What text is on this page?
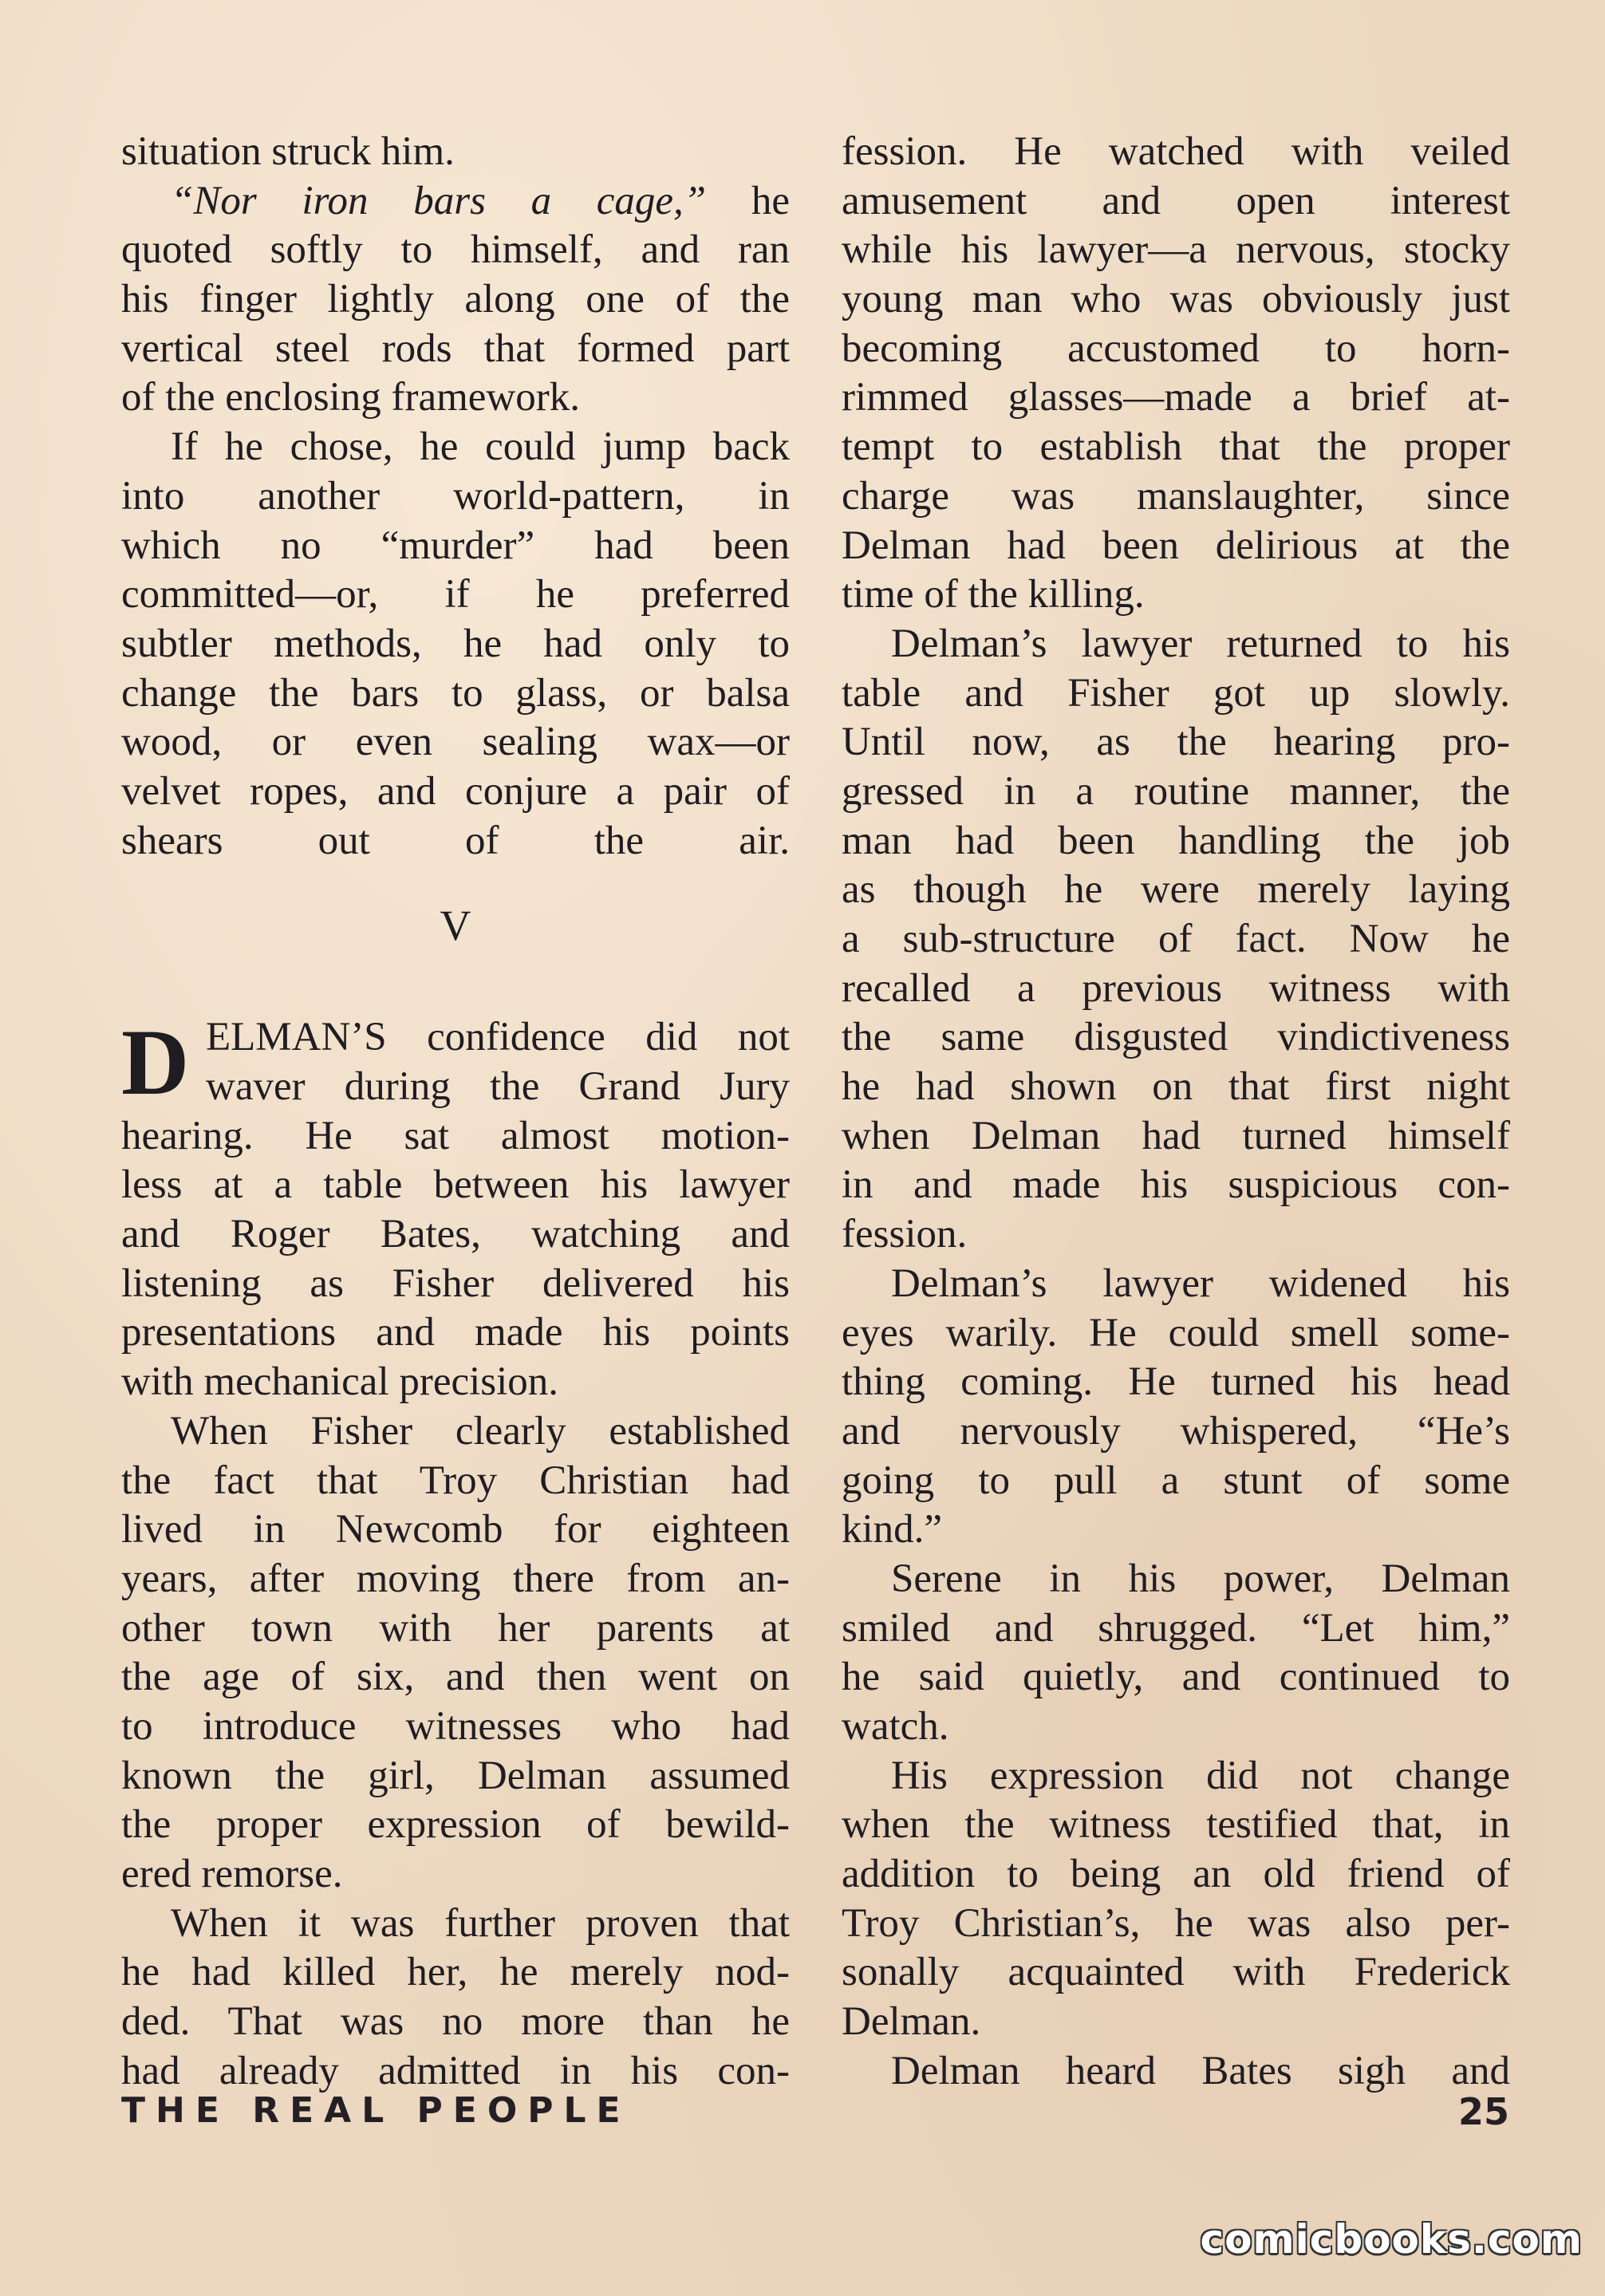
situation struck him.
“Nor iron bars a cage,” he
quoted softly to himself, and ran
his finger lightly along one of the
vertical steel rods that formed part
of the enclosing framework.
If he chose, he could jump back
into another world-pattern, in
which no “murder” had been
committed—or, if he preferred
subtler methods, he had only to
change the bars to glass, or balsa
wood, or even sealing wax—or
velvet ropes, and conjure a pair of
shears out of the air.
V
D ELMAN’S confidence did not
waver during the Grand Jury
hearing. He sat almost motion-
less at a table between his lawyer
and Roger Bates, watching and
listening as Fisher delivered his
presentations and made his points
with mechanical precision.
When Fisher clearly established
the fact that Troy Christian had
lived in Newcomb for eighteen
years, after moving there from an-
other town with her parents at
the age of six, and then went on
to introduce witnesses who had
known the girl, Delman assumed
the proper expression of bewild-
ered remorse.
When it was further proven that
he had killed her, he merely nod-
ded. That was no more than he
had already admitted in his con-
fession. He watched with veiled
amusement and open interest
while his lawyer—a nervous, stocky
young man who was obviously just
becoming accustomed to horn-
rimmed glasses—made a brief at-
tempt to establish that the proper
charge was manslaughter, since
Delman had been delirious at the
time of the killing.
Delman’s lawyer returned to his
table and Fisher got up slowly.
Until now, as the hearing pro-
gressed in a routine manner, the
man had been handling the job
as though he were merely laying
a sub-structure of fact. Now he
recalled a previous witness with
the same disgusted vindictiveness
he had shown on that first night
when Delman had turned himself
in and made his suspicious con-
fession.
Delman’s lawyer widened his
eyes warily. He could smell some-
thing coming. He turned his head
and nervously whispered, “He’s
going to pull a stunt of some
kind.”
Serene in his power, Delman
smiled and shrugged. “Let him,”
he said quietly, and continued to
watch.
His expression did not change
when the witness testified that, in
addition to being an old friend of
Troy Christian’s, he was also per-
sonally acquainted with Frederick
Delman.
Delman heard Bates sigh and
THE REAL PEOPLE	25
comicbooks.com
